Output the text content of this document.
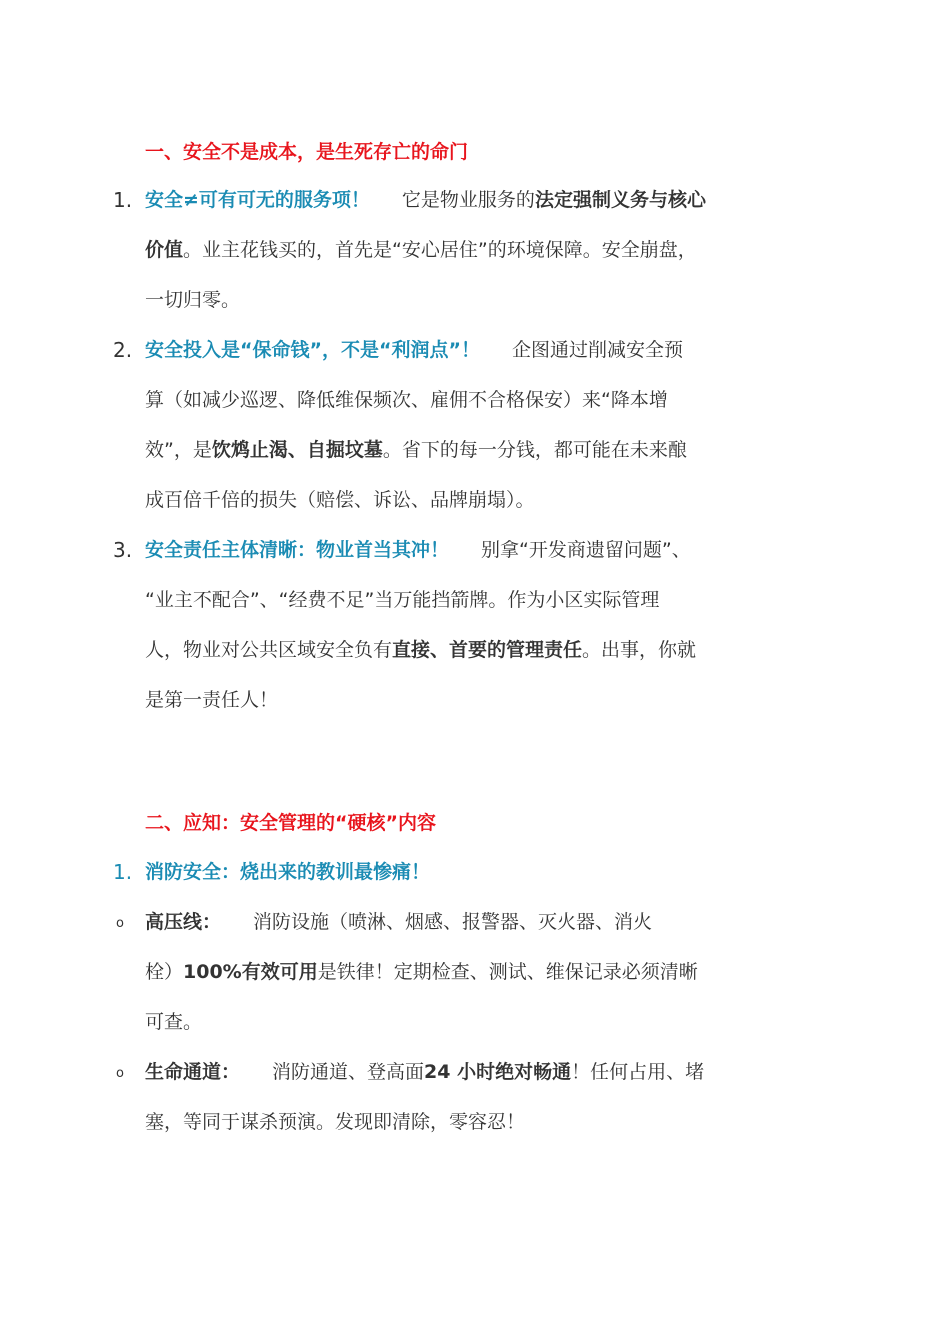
一、安全不是成本，是生死存亡的命门
1. 安全≠可有可无的服务项！ 它是物业服务的法定强制义务与核心
价值。业主花钱买的，首先是“安心居住”的环境保障。安全崩盘，
一切归零。
2. 安全投入是“保命钱”，不是“利润点”！ 企图通过削减安全预
算（如减少巡逻、降低维保频次、雇佣不合格保安）来“降本增
效”，是饮鸩止渴、自掘坟墓。省下的每一分钱，都可能在未来酿
成百倍千倍的损失（赔偿、诉讼、品牌崩塌）。
3. 安全责任主体清晰：物业首当其冲！ 别拿“开发商遗留问题”、
“业主不配合”、“经费不足”当万能挡箭牌。作为小区实际管理
人，物业对公共区域安全负有直接、首要的管理责任。出事，你就
是第一责任人！
二、应知：安全管理的“硬核”内容
1. 消防安全：烧出来的教训最惨痛！
o	高压线： 消防设施（喷淋、烟感、报警器、灭火器、消火
栓）100%有效可用是铁律！定期检查、测试、维保记录必须清晰
可查。
o	生命通道： 消防通道、登高面24 小时绝对畅通！任何占用、堵
塞，等同于谋杀预演。发现即清除，零容忍！
